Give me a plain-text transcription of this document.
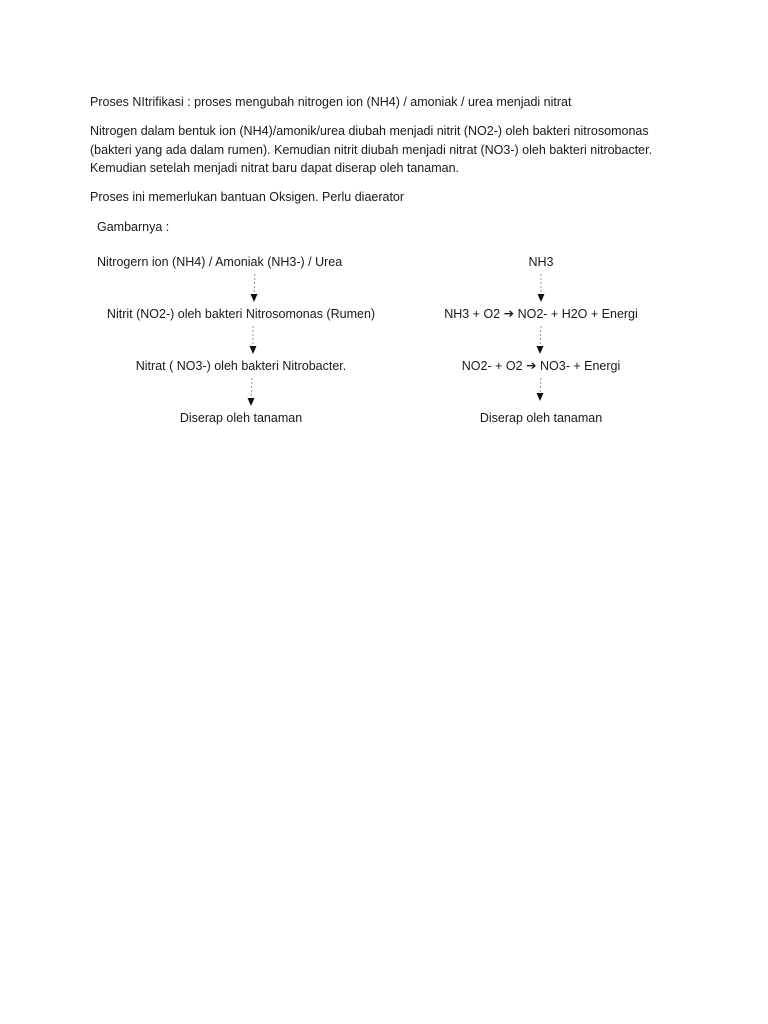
Proses NItrifikasi : proses mengubah nitrogen ion (NH4) / amoniak / urea menjadi nitrat

Nitrogen dalam bentuk ion (NH4)/amonik/urea diubah menjadi nitrit (NO2-) oleh bakteri nitrosomonas (bakteri yang ada dalam rumen). Kemudian nitrit diubah menjadi nitrat (NO3-) oleh bakteri nitrobacter. Kemudian setelah menjadi nitrat baru dapat diserap oleh tanaman.

Proses ini memerlukan bantuan Oksigen. Perlu diaerator

Gambarnya :
Nitrogern ion (NH4) / Amoniak (NH3-) / Urea
Nitrit (NO2-) oleh bakteri Nitrosomonas (Rumen)
Nitrat ( NO3-) oleh bakteri Nitrobacter.
Diserap oleh tanaman
NH3
NH3 + O2 ➔ NO2- + H2O + Energi
NO2- + O2 ➔ NO3- + Energi
Diserap oleh tanaman
